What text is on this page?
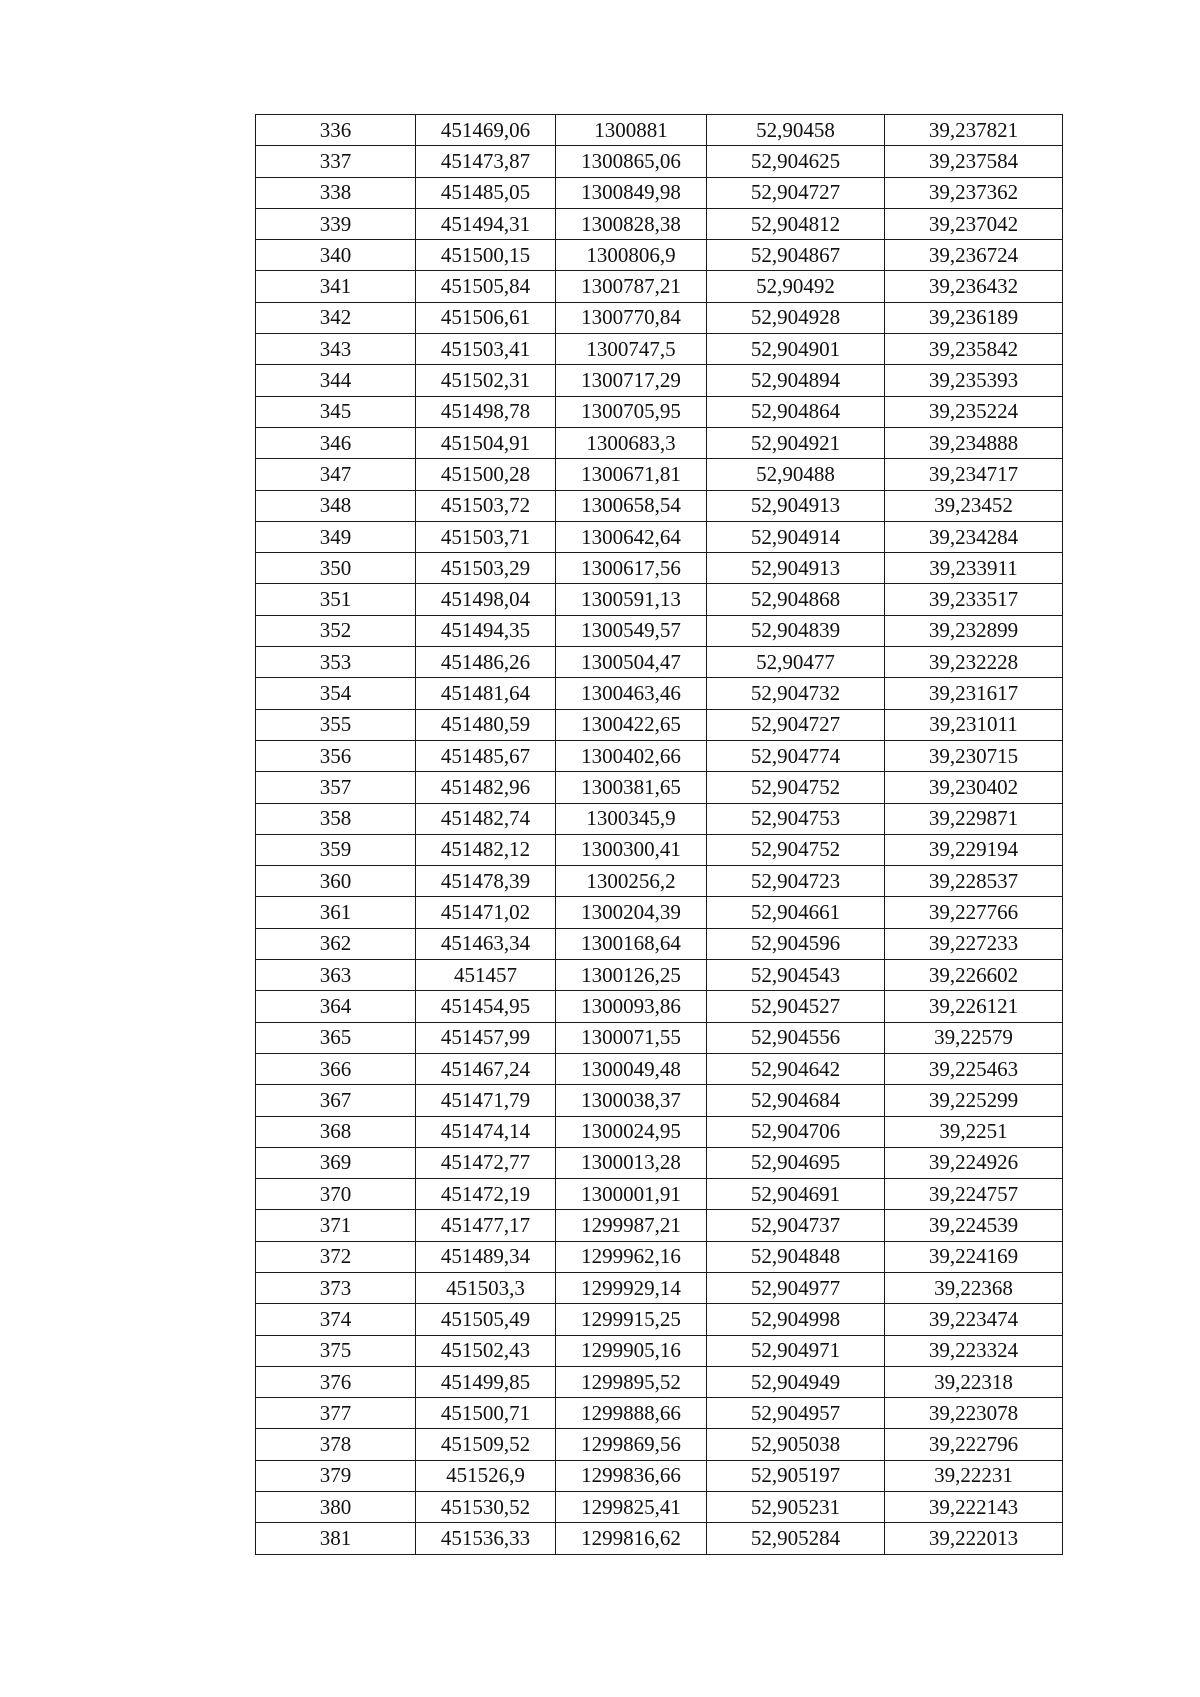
336	451469,06	1300881	52,90458	39,237821
337	451473,87	1300865,06	52,904625	39,237584
338	451485,05	1300849,98	52,904727	39,237362
339	451494,31	1300828,38	52,904812	39,237042
340	451500,15	1300806,9	52,904867	39,236724
341	451505,84	1300787,21	52,90492	39,236432
342	451506,61	1300770,84	52,904928	39,236189
343	451503,41	1300747,5	52,904901	39,235842
344	451502,31	1300717,29	52,904894	39,235393
345	451498,78	1300705,95	52,904864	39,235224
346	451504,91	1300683,3	52,904921	39,234888
347	451500,28	1300671,81	52,90488	39,234717
348	451503,72	1300658,54	52,904913	39,23452
349	451503,71	1300642,64	52,904914	39,234284
350	451503,29	1300617,56	52,904913	39,233911
351	451498,04	1300591,13	52,904868	39,233517
352	451494,35	1300549,57	52,904839	39,232899
353	451486,26	1300504,47	52,90477	39,232228
354	451481,64	1300463,46	52,904732	39,231617
355	451480,59	1300422,65	52,904727	39,231011
356	451485,67	1300402,66	52,904774	39,230715
357	451482,96	1300381,65	52,904752	39,230402
358	451482,74	1300345,9	52,904753	39,229871
359	451482,12	1300300,41	52,904752	39,229194
360	451478,39	1300256,2	52,904723	39,228537
361	451471,02	1300204,39	52,904661	39,227766
362	451463,34	1300168,64	52,904596	39,227233
363	451457	1300126,25	52,904543	39,226602
364	451454,95	1300093,86	52,904527	39,226121
365	451457,99	1300071,55	52,904556	39,22579
366	451467,24	1300049,48	52,904642	39,225463
367	451471,79	1300038,37	52,904684	39,225299
368	451474,14	1300024,95	52,904706	39,2251
369	451472,77	1300013,28	52,904695	39,224926
370	451472,19	1300001,91	52,904691	39,224757
371	451477,17	1299987,21	52,904737	39,224539
372	451489,34	1299962,16	52,904848	39,224169
373	451503,3	1299929,14	52,904977	39,22368
374	451505,49	1299915,25	52,904998	39,223474
375	451502,43	1299905,16	52,904971	39,223324
376	451499,85	1299895,52	52,904949	39,22318
377	451500,71	1299888,66	52,904957	39,223078
378	451509,52	1299869,56	52,905038	39,222796
379	451526,9	1299836,66	52,905197	39,22231
380	451530,52	1299825,41	52,905231	39,222143
381	451536,33	1299816,62	52,905284	39,222013
